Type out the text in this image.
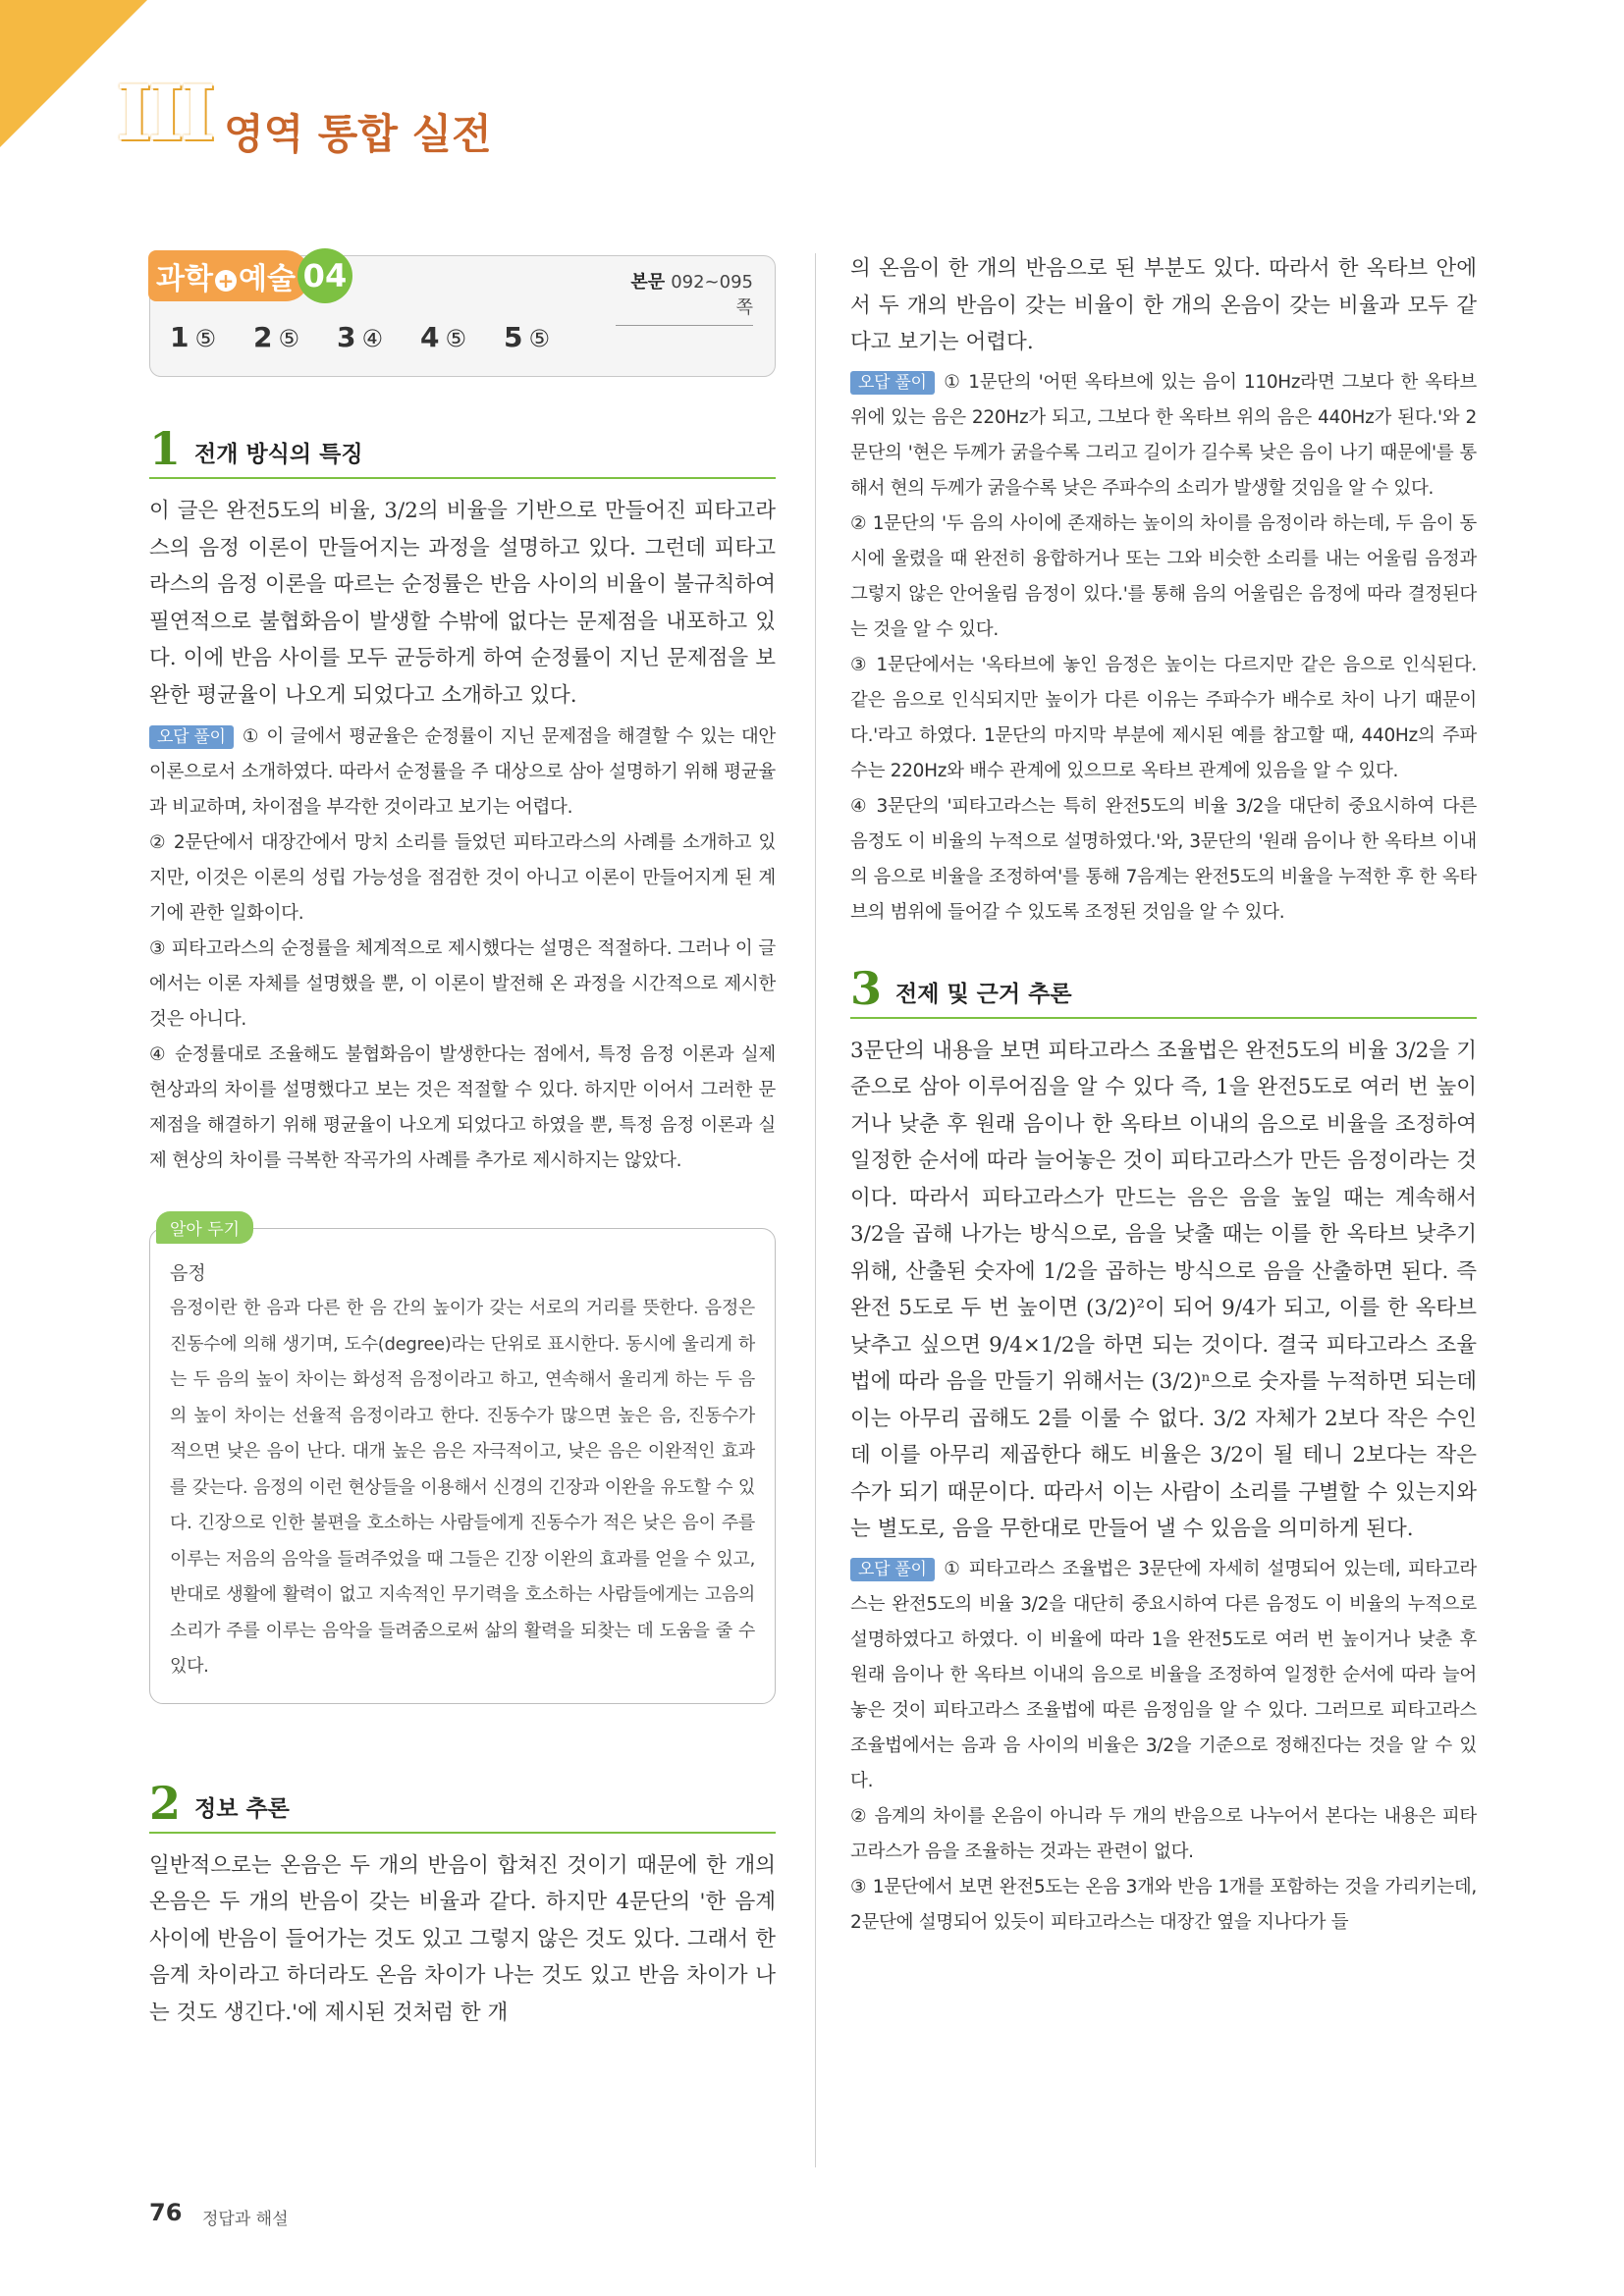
III 영역 통합 실전
과학 + 예술 04	본문 092~095쪽
1 ⑤ 2 ⑤ 3 ④ 4 ⑤ 5 ⑤
1 전개 방식의 특징

이 글은 완전5도의 비율, 3/2의 비율을 기반으로 만들어진 피타고라스의 음정 이론이 만들어지는 과정을 설명하고 있다. 그런데 피타고라스의 음정 이론을 따르는 순정률은 반음 사이의 비율이 불규칙하여 필연적으로 불협화음이 발생할 수밖에 없다는 문제점을 내포하고 있다. 이에 반음 사이를 모두 균등하게 하여 순정률이 지닌 문제점을 보완한 평균율이 나오게 되었다고 소개하고 있다.

오답 풀이 ① 이 글에서 평균율은 순정률이 지닌 문제점을 해결할 수 있는 대안 이론으로서 소개하였다. 따라서 순정률을 주 대상으로 삼아 설명하기 위해 평균율과 비교하며, 차이점을 부각한 것이라고 보기는 어렵다.

② 2문단에서 대장간에서 망치 소리를 들었던 피타고라스의 사례를 소개하고 있지만, 이것은 이론의 성립 가능성을 점검한 것이 아니고 이론이 만들어지게 된 계기에 관한 일화이다.

③ 피타고라스의 순정률을 체계적으로 제시했다는 설명은 적절하다. 그러나 이 글에서는 이론 자체를 설명했을 뿐, 이 이론이 발전해 온 과정을 시간적으로 제시한 것은 아니다.

④ 순정률대로 조율해도 불협화음이 발생한다는 점에서, 특정 음정 이론과 실제 현상과의 차이를 설명했다고 보는 것은 적절할 수 있다. 하지만 이어서 그러한 문제점을 해결하기 위해 평균율이 나오게 되었다고 하였을 뿐, 특정 음정 이론과 실제 현상의 차이를 극복한 작곡가의 사례를 추가로 제시하지는 않았다.

알아 두기
음정

음정이란 한 음과 다른 한 음 간의 높이가 갖는 서로의 거리를 뜻한다. 음정은 진동수에 의해 생기며, 도수(degree)라는 단위로 표시한다. 동시에 울리게 하는 두 음의 높이 차이는 화성적 음정이라고 하고, 연속해서 울리게 하는 두 음의 높이 차이는 선율적 음정이라고 한다. 진동수가 많으면 높은 음, 진동수가 적으면 낮은 음이 난다. 대개 높은 음은 자극적이고, 낮은 음은 이완적인 효과를 갖는다. 음정의 이런 현상들을 이용해서 신경의 긴장과 이완을 유도할 수 있다. 긴장으로 인한 불편을 호소하는 사람들에게 진동수가 적은 낮은 음이 주를 이루는 저음의 음악을 들려주었을 때 그들은 긴장 이완의 효과를 얻을 수 있고, 반대로 생활에 활력이 없고 지속적인 무기력을 호소하는 사람들에게는 고음의 소리가 주를 이루는 음악을 들려줌으로써 삶의 활력을 되찾는 데 도움을 줄 수 있다.

2 정보 추론

일반적으로는 온음은 두 개의 반음이 합쳐진 것이기 때문에 한 개의 온음은 두 개의 반음이 갖는 비율과 같다. 하지만 4문단의 '한 음계 사이에 반음이 들어가는 것도 있고 그렇지 않은 것도 있다. 그래서 한 음계 차이라고 하더라도 온음 차이가 나는 것도 있고 반음 차이가 나는 것도 생긴다.'에 제시된 것처럼 한 개

의 온음이 한 개의 반음으로 된 부분도 있다. 따라서 한 옥타브 안에서 두 개의 반음이 갖는 비율이 한 개의 온음이 갖는 비율과 모두 같다고 보기는 어렵다.

오답 풀이 ① 1문단의 '어떤 옥타브에 있는 음이 110Hz라면 그보다 한 옥타브 위에 있는 음은 220Hz가 되고, 그보다 한 옥타브 위의 음은 440Hz가 된다.'와 2문단의 '현은 두께가 굵을수록 그리고 길이가 길수록 낮은 음이 나기 때문에'를 통해서 현의 두께가 굵을수록 낮은 주파수의 소리가 발생할 것임을 알 수 있다.

② 1문단의 '두 음의 사이에 존재하는 높이의 차이를 음정이라 하는데, 두 음이 동시에 울렸을 때 완전히 융합하거나 또는 그와 비슷한 소리를 내는 어울림 음정과 그렇지 않은 안어울림 음정이 있다.'를 통해 음의 어울림은 음정에 따라 결정된다는 것을 알 수 있다.

③ 1문단에서는 '옥타브에 놓인 음정은 높이는 다르지만 같은 음으로 인식된다. 같은 음으로 인식되지만 높이가 다른 이유는 주파수가 배수로 차이 나기 때문이다.'라고 하였다. 1문단의 마지막 부분에 제시된 예를 참고할 때, 440Hz의 주파수는 220Hz와 배수 관계에 있으므로 옥타브 관계에 있음을 알 수 있다.

④ 3문단의 '피타고라스는 특히 완전5도의 비율 3/2을 대단히 중요시하여 다른 음정도 이 비율의 누적으로 설명하였다.'와, 3문단의 '원래 음이나 한 옥타브 이내의 음으로 비율을 조정하여'를 통해 7음계는 완전5도의 비율을 누적한 후 한 옥타브의 범위에 들어갈 수 있도록 조정된 것임을 알 수 있다.

3 전제 및 근거 추론

3문단의 내용을 보면 피타고라스 조율법은 완전5도의 비율 3/2을 기준으로 삼아 이루어짐을 알 수 있다 즉, 1을 완전5도로 여러 번 높이거나 낮춘 후 원래 음이나 한 옥타브 이내의 음으로 비율을 조정하여 일정한 순서에 따라 늘어놓은 것이 피타고라스가 만든 음정이라는 것이다. 따라서 피타고라스가 만드는 음은 음을 높일 때는 계속해서 3/2을 곱해 나가는 방식으로, 음을 낮출 때는 이를 한 옥타브 낮추기 위해, 산출된 숫자에 1/2을 곱하는 방식으로 음을 산출하면 된다. 즉 완전 5도로 두 번 높이면 (3/2)²이 되어 9/4가 되고, 이를 한 옥타브 낮추고 싶으면 9/4×1/2을 하면 되는 것이다. 결국 피타고라스 조율법에 따라 음을 만들기 위해서는 (3/2)ⁿ으로 숫자를 누적하면 되는데 이는 아무리 곱해도 2를 이룰 수 없다. 3/2 자체가 2보다 작은 수인데 이를 아무리 제곱한다 해도 비율은 3/2이 될 테니 2보다는 작은 수가 되기 때문이다. 따라서 이는 사람이 소리를 구별할 수 있는지와는 별도로, 음을 무한대로 만들어 낼 수 있음을 의미하게 된다.

오답 풀이 ① 피타고라스 조율법은 3문단에 자세히 설명되어 있는데, 피타고라스는 완전5도의 비율 3/2을 대단히 중요시하여 다른 음정도 이 비율의 누적으로 설명하였다고 하였다. 이 비율에 따라 1을 완전5도로 여러 번 높이거나 낮춘 후 원래 음이나 한 옥타브 이내의 음으로 비율을 조정하여 일정한 순서에 따라 늘어놓은 것이 피타고라스 조율법에 따른 음정임을 알 수 있다. 그러므로 피타고라스 조율법에서는 음과 음 사이의 비율은 3/2을 기준으로 정해진다는 것을 알 수 있다.

② 음계의 차이를 온음이 아니라 두 개의 반음으로 나누어서 본다는 내용은 피타고라스가 음을 조율하는 것과는 관련이 없다.

③ 1문단에서 보면 완전5도는 온음 3개와 반음 1개를 포함하는 것을 가리키는데, 2문단에 설명되어 있듯이 피타고라스는 대장간 옆을 지나다가 들

76 정답과 해설
